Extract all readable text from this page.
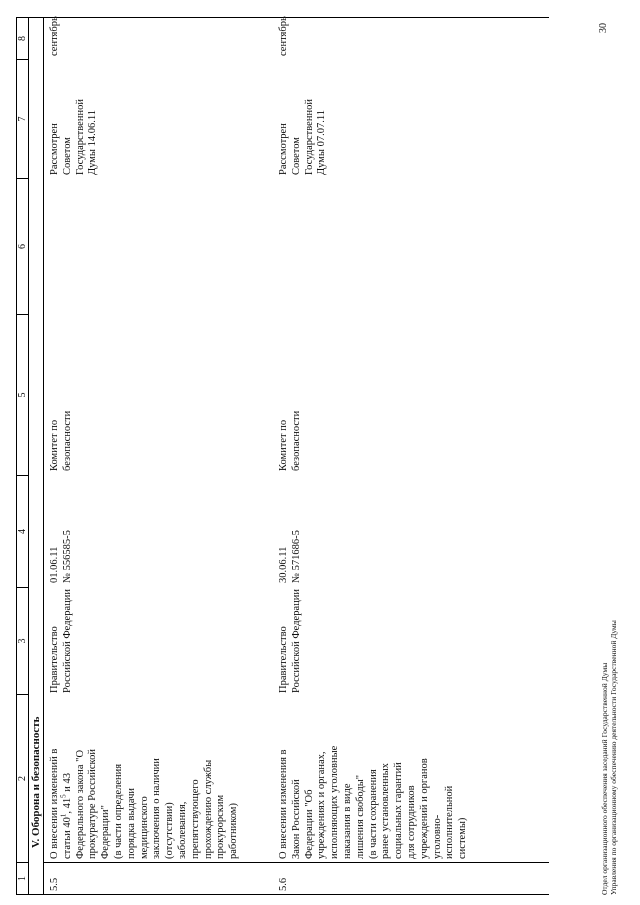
1
2
3
4
5
6
7
8
V. Оборона и безопасность
5.5
О внесении изменений в статьи $40^1$, $41^5$ и 43
Федерального закона "О
прокуратуре Российской
Федерации"
(в части определения
порядка выдачи
медицинского
заключения о наличии
(отсутствии)
заболевания,
препятствующего
прохождению службы
прокурорским
работником)
Правительство
Российской Федерации
01.06.11
№ 556585-5
Комитет по
безопасности
Рассмотрен
Советом
Государственной
Думы 14.06.11
сентябрь
5.6
О внесении изменения в
Закон Российской
Федерации "Об
учреждениях и органах,
исполняющих уголовные
наказания в виде
лишения свободы"
(в части сохранения
ранее установленных
социальных гарантий
для сотрудников
учреждений и органов
уголовно-
исполнительной
системы)
Правительство
Российской Федерации
30.06.11
№ 571686-5
Комитет по
безопасности
Рассмотрен
Советом
Государственной
Думы 07.07.11
сентябрь
Отдел организационного обеспечения заседаний Государственной Думы Управления по организационному обеспечению деятельности Государственной Думы
30
